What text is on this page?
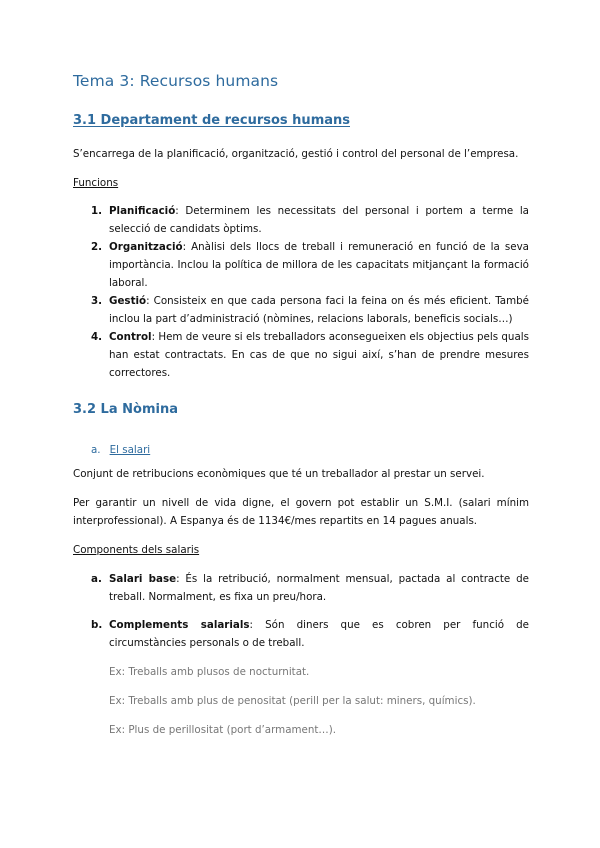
Tema 3: Recursos humans
3.1 Departament de recursos humans
S’encarrega de la planificació, organització, gestió i control del personal de l’empresa.
Funcions
1. Planificació: Determinem les necessitats del personal i portem a terme la selecció de candidats òptims.
2. Organització: Anàlisi dels llocs de treball i remuneració en funció de la seva importància. Inclou la política de millora de les capacitats mitjançant la formació laboral.
3. Gestió: Consisteix en que cada persona faci la feina on és més eficient. També inclou la part d’administració (nòmines, relacions laborals, beneficis socials…)
4. Control: Hem de veure si els treballadors aconsegueixen els objectius pels quals han estat contractats. En cas de que no sigui així, s’han de prendre mesures correctores.
3.2 La Nòmina
a. El salari
Conjunt de retribucions econòmiques que té un treballador al prestar un servei.
Per garantir un nivell de vida digne, el govern pot establir un S.M.I. (salari mínim interprofessional). A Espanya és de 1134€/mes repartits en 14 pagues anuals.
Components dels salaris
a. Salari base: És la retribució, normalment mensual, pactada al contracte de treball. Normalment, es fixa un preu/hora.
b. Complements salarials: Són diners que es cobren per funció de circumstàncies personals o de treball.
Ex: Treballs amb plusos de nocturnitat.
Ex: Treballs amb plus de penositat (perill per la salut: miners, químics).
Ex: Plus de perillositat (port d’armament…).
